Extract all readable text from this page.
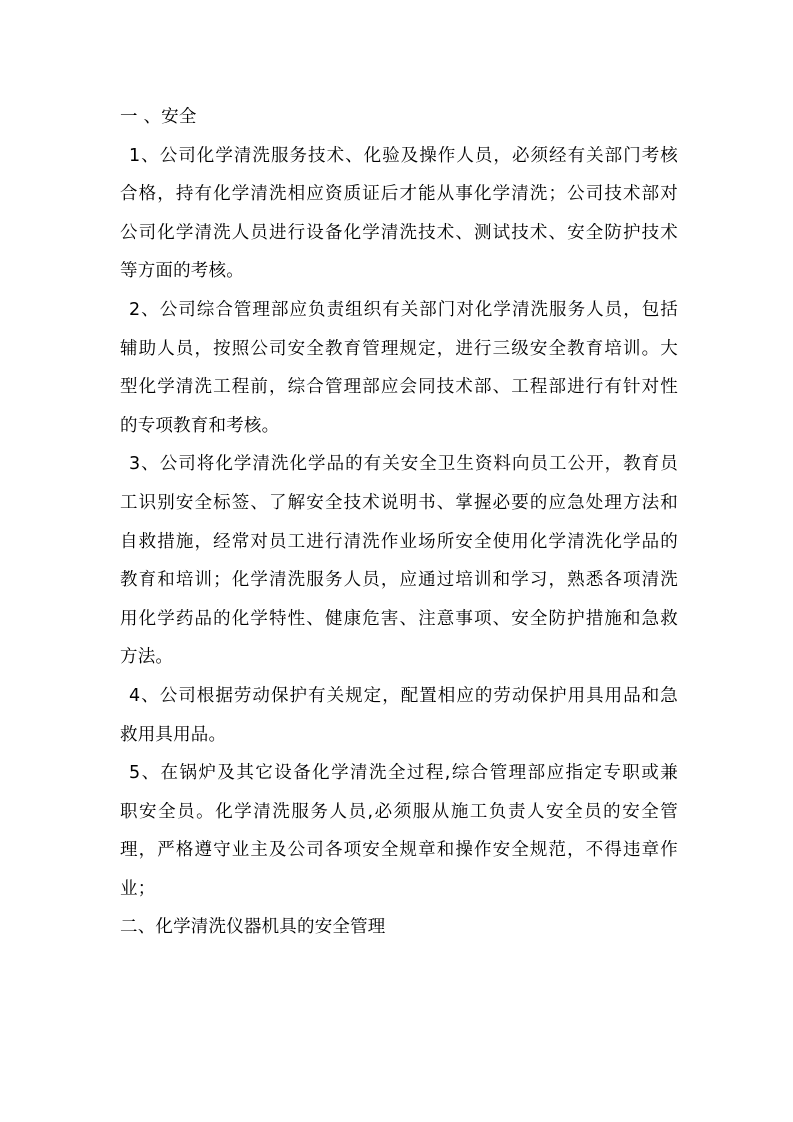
一 、安全
1、公司化学清洗服务技术、化验及操作人员，必须经有关部门考核
合格，持有化学清洗相应资质证后才能从事化学清洗；公司技术部对
公司化学清洗人员进行设备化学清洗技术、测试技术、安全防护技术
等方面的考核。
2、公司综合管理部应负责组织有关部门对化学清洗服务人员，包括
辅助人员，按照公司安全教育管理规定，进行三级安全教育培训。大
型化学清洗工程前，综合管理部应会同技术部、工程部进行有针对性
的专项教育和考核。
3、公司将化学清洗化学品的有关安全卫生资料向员工公开，教育员
工识别安全标签、了解安全技术说明书、掌握必要的应急处理方法和
自救措施，经常对员工进行清洗作业场所安全使用化学清洗化学品的
教育和培训；化学清洗服务人员，应通过培训和学习，熟悉各项清洗
用化学药品的化学特性、健康危害、注意事项、安全防护措施和急救
方法。
4、公司根据劳动保护有关规定，配置相应的劳动保护用具用品和急
救用具用品。
5、在锅炉及其它设备化学清洗全过程,综合管理部应指定专职或兼
职安全员。化学清洗服务人员,必须服从施工负责人安全员的安全管
理，严格遵守业主及公司各项安全规章和操作安全规范，不得违章作
业；
二、化学清洗仪器机具的安全管理
